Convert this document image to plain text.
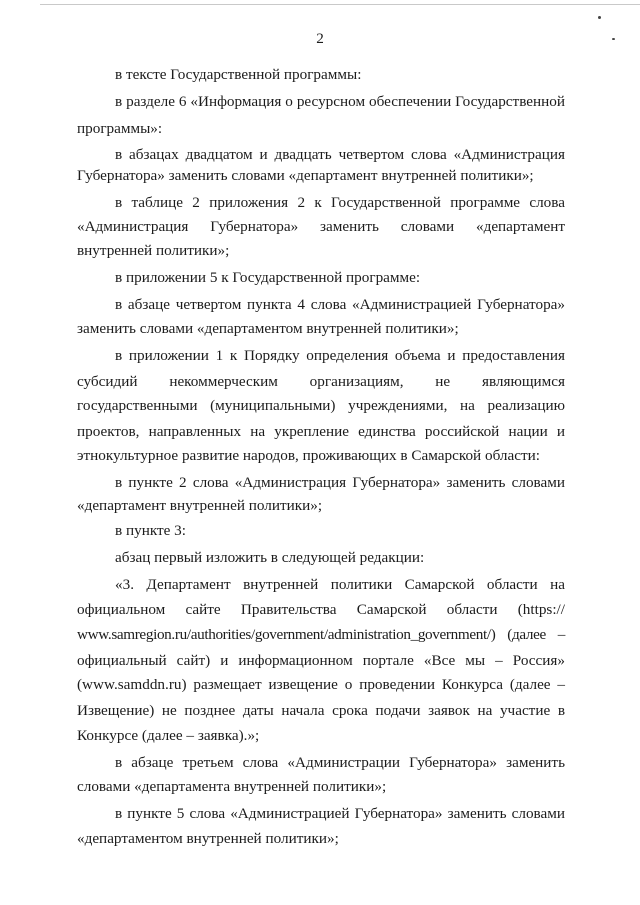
2
в тексте Государственной программы:
в разделе 6 «Информация о ресурсном обеспечении Государственной
программы»:
в абзацах двадцатом и двадцать четвертом слова «Администрация
Губернатора» заменить словами «департамент внутренней политики»;
в таблице 2 приложения 2 к Государственной программе слова
«Администрация Губернатора» заменить словами «департамент
внутренней политики»;
в приложении 5 к Государственной программе:
в абзаце четвертом пункта 4 слова «Администрацией Губернатора»
заменить словами «департаментом внутренней политики»;
в приложении 1 к Порядку определения объема и предоставления
субсидий некоммерческим организациям, не являющимся
государственными (муниципальными) учреждениями, на реализацию
проектов, направленных на укрепление единства российской нации и
этнокультурное развитие народов, проживающих в Самарской области:
в пункте 2 слова «Администрация Губернатора» заменить словами
«департамент внутренней политики»;
в пункте 3:
абзац первый изложить в следующей редакции:
«3. Департамент внутренней политики Самарской области на
официальном сайте Правительства Самарской области (https://
www.samregion.ru/authorities/government/administration_government/) (далее –
официальный сайт) и информационном портале «Все мы – Россия»
(www.samddn.ru) размещает извещение о проведении Конкурса (далее –
Извещение) не позднее даты начала срока подачи заявок на участие в
Конкурсе (далее – заявка).»;
в абзаце третьем слова «Администрации Губернатора» заменить
словами «департамента внутренней политики»;
в пункте 5 слова «Администрацией Губернатора» заменить словами
«департаментом внутренней политики»;
